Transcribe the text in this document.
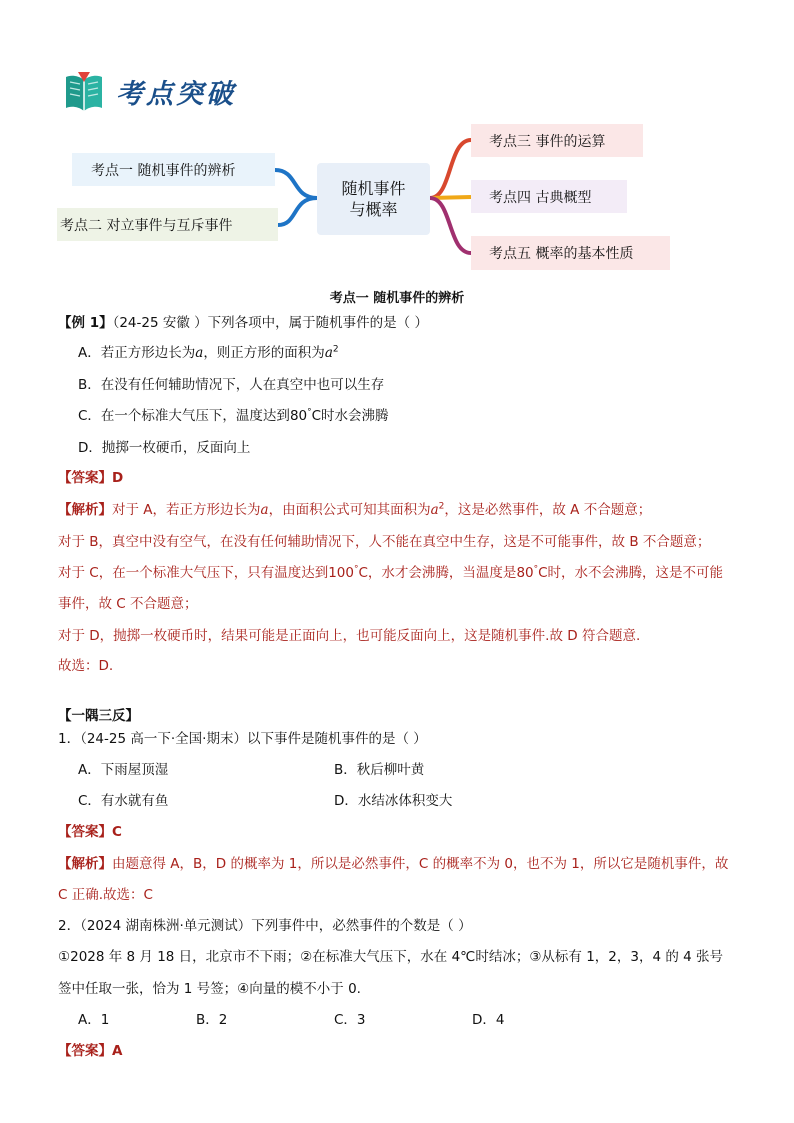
考点突破
考点一 随机事件的辨析
考点二 对立事件与互斥事件
随机事件
与概率
考点三 事件的运算
考点四 古典概型
考点五 概率的基本性质
考点一 随机事件的辨析
【例 1】（24-25 安徽 ）下列各项中，属于随机事件的是（ ）
A．若正方形边长为a，则正方形的面积为$a^2$
B．在没有任何辅助情况下，人在真空中也可以生存
C．在一个标准大气压下，温度达到80°C时水会沸腾
D．抛掷一枚硬币，反面向上
【答案】D
【解析】对于 A，若正方形边长为a，由面积公式可知其面积为$a^2$，这是必然事件，故 A 不合题意；
对于 B，真空中没有空气，在没有任何辅助情况下，人不能在真空中生存，这是不可能事件，故 B 不合题意；
对于 C，在一个标准大气压下，只有温度达到100°C，水才会沸腾，当温度是80°C时，水不会沸腾，这是不可能
事件，故 C 不合题意；
对于 D，抛掷一枚硬币时，结果可能是正面向上，也可能反面向上，这是随机事件.故 D 符合题意.
故选：D.
【一隅三反】
1．（24-25 高一下·全国·期末）以下事件是随机事件的是（ ）
A．下雨屋顶湿	B．秋后柳叶黄
C．有水就有鱼	D．水结冰体积变大
【答案】C
【解析】由题意得 A，B，D 的概率为 1，所以是必然事件，C 的概率不为 0，也不为 1，所以它是随机事件，故
C 正确.故选：C
2．（2024 湖南株洲·单元测试）下列事件中，必然事件的个数是（ ）
①2028 年 8 月 18 日，北京市不下雨；②在标准大气压下，水在 4℃时结冰；③从标有 1，2，3，4 的 4 张号
签中任取一张，恰为 1 号签；④向量的模不小于 0.
A．1	B．2	C．3	D．4
【答案】A
